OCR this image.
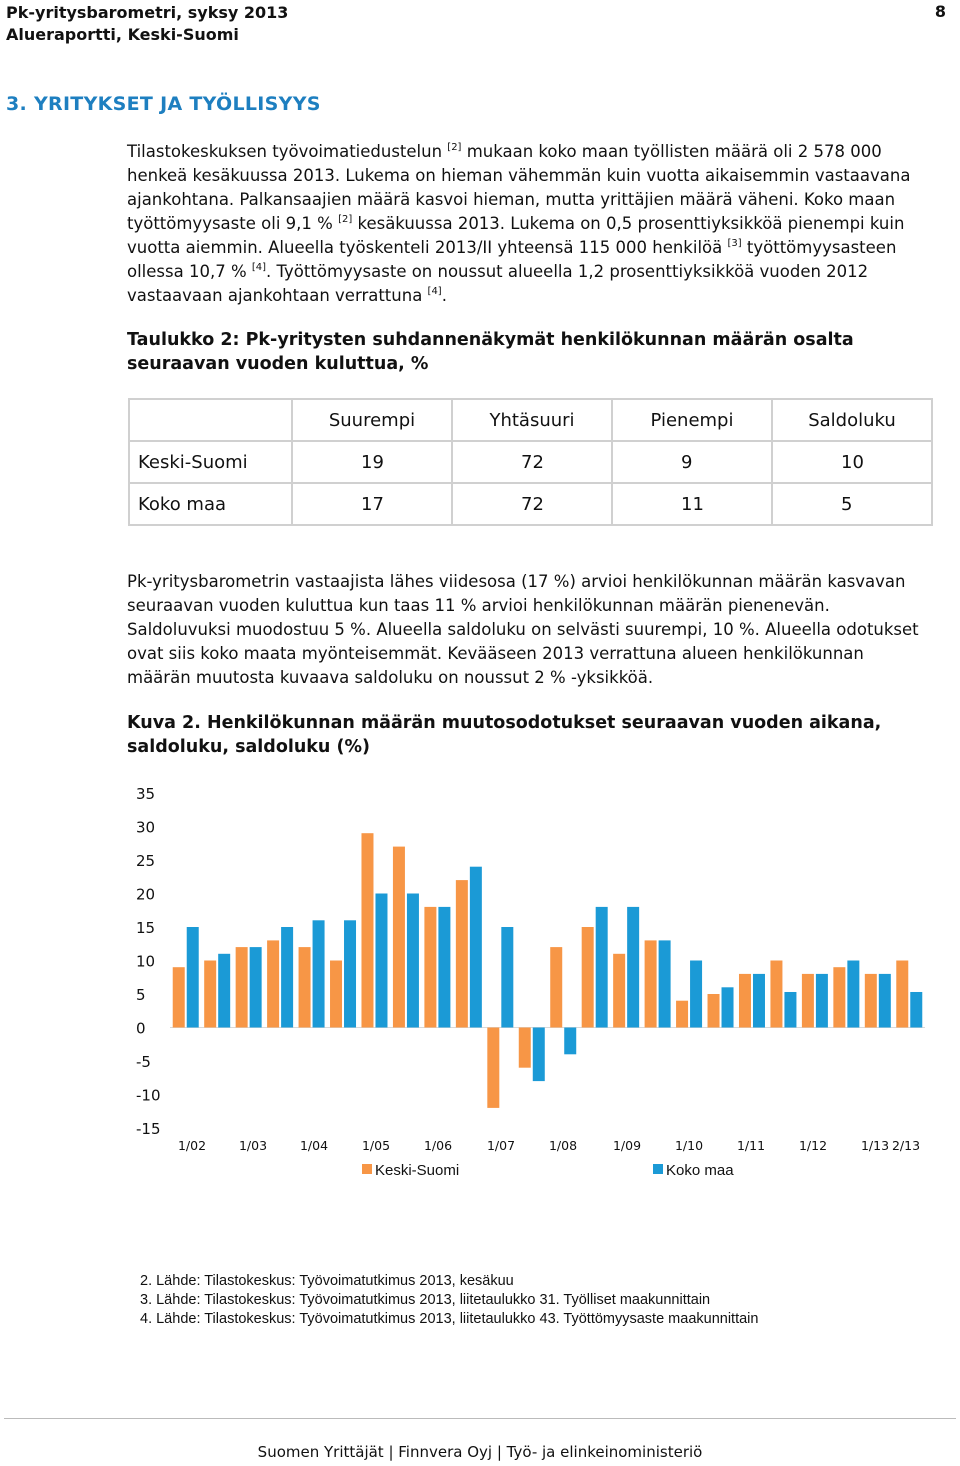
Pk-yritysbarometri, syksy 2013
Alueraportti, Keski-Suomi
8
3. YRITYKSET JA TYÖLLISYYS

Tilastokeskuksen työvoimatiedustelun [2] mukaan koko maan työllisten määrä oli 2 578 000 henkeä kesäkuussa 2013. Lukema on hieman vähemmän kuin vuotta aikaisemmin vastaavana ajankohtana. Palkansaajien määrä kasvoi hieman, mutta yrittäjien määrä väheni. Koko maan työttömyysaste oli 9,1 % [2] kesäkuussa 2013. Lukema on 0,5 prosenttiyksikköä pienempi kuin vuotta aiemmin. Alueella työskenteli 2013/II yhteensä 115 000 henkilöä [3] työttömyysasteen ollessa 10,7 % [4]. Työttömyysaste on noussut alueella 1,2 prosenttiyksikköä vuoden 2012 vastaavaan ajankohtaan verrattuna [4].

Taulukko 2: Pk-yritysten suhdannenäkymät henkilökunnan määrän osalta seuraavan vuoden kuluttua, %
	Suurempi	Yhtäsuuri	Pienempi	Saldoluku
Keski-Suomi	19	72	9	10
Koko maa	17	72	11	5
Pk-yritysbarometrin vastaajista lähes viidesosa (17 %) arvioi henkilökunnan määrän kasvavan seuraavan vuoden kuluttua kun taas 11 % arvioi henkilökunnan määrän pienenevän. Saldoluvuksi muodostuu 5 %. Alueella saldoluku on selvästi suurempi, 10 %. Alueella odotukset ovat siis koko maata myönteisemmät. Kevääseen 2013 verrattuna alueen henkilökunnan määrän muutosta kuvaava saldoluku on noussut 2 % -yksikköä.
Kuva 2. Henkilökunnan määrän muutosodotukset seuraavan vuoden aikana, saldoluku, saldoluku (%)
35
30
25
20
15
10
5
0
-5
-10
-15
1/02	1/03	1/04	1/05	1/06	1/07	1/08	1/09	1/10	1/11	1/12	1/13 2/13
Keski-Suomi	Koko maa
2. Lähde: Tilastokeskus: Työvoimatutkimus 2013, kesäkuu
3. Lähde: Tilastokeskus: Työvoimatutkimus 2013, liitetaulukko 31. Työlliset maakunnittain
4. Lähde: Tilastokeskus: Työvoimatutkimus 2013, liitetaulukko 43. Työttömyysaste maakunnittain
Suomen Yrittäjät | Finnvera Oyj | Työ- ja elinkeinoministeriö
